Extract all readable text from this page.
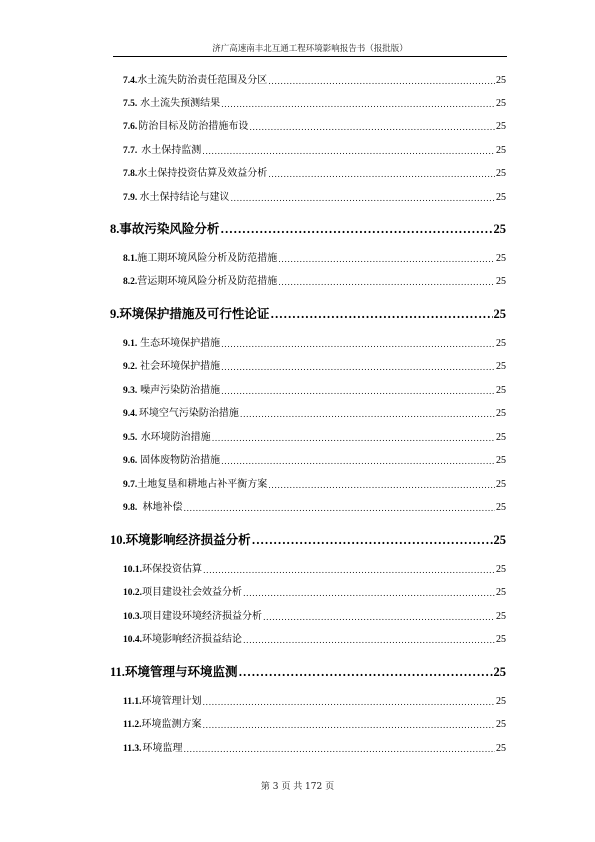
济广高速南丰北互通工程环境影响报告书（报批版）
7.4. 水土流失防治责任范围及分区 .....	25
7.5. 水土流失预测结果 .....	25
7.6. 防治目标及防治措施布设 .....	25
7.7. 水土保持监测 .....	25
7.8. 水土保持投资估算及效益分析 .....	25
7.9. 水土保持结论与建议 .....	25
8. 事故污染风险分析 .....	25
8.1. 施工期环境风险分析及防范措施 .....	25
8.2. 营运期环境风险分析及防范措施 .....	25
9. 环境保护措施及可行性论证 .....	25
9.1. 生态环境保护措施 .....	25
9.2. 社会环境保护措施 .....	25
9.3. 噪声污染防治措施 .....	25
9.4. 环境空气污染防治措施 .....	25
9.5. 水环境防治措施 .....	25
9.6. 固体废物防治措施 .....	25
9.7. 土地复垦和耕地占补平衡方案 .....	25
9.8. 林地补偿 .....	25
10. 环境影响经济损益分析 .....	25
10.1. 环保投资估算 .....	25
10.2. 项目建设社会效益分析 .....	25
10.3. 项目建设环境经济损益分析 .....	25
10.4. 环境影响经济损益结论 .....	25
11. 环境管理与环境监测 .....	25
11.1. 环境管理计划 .....	25
11.2. 环境监测方案 .....	25
11.3. 环境监理 .....	25
第 3 页 共 172 页
